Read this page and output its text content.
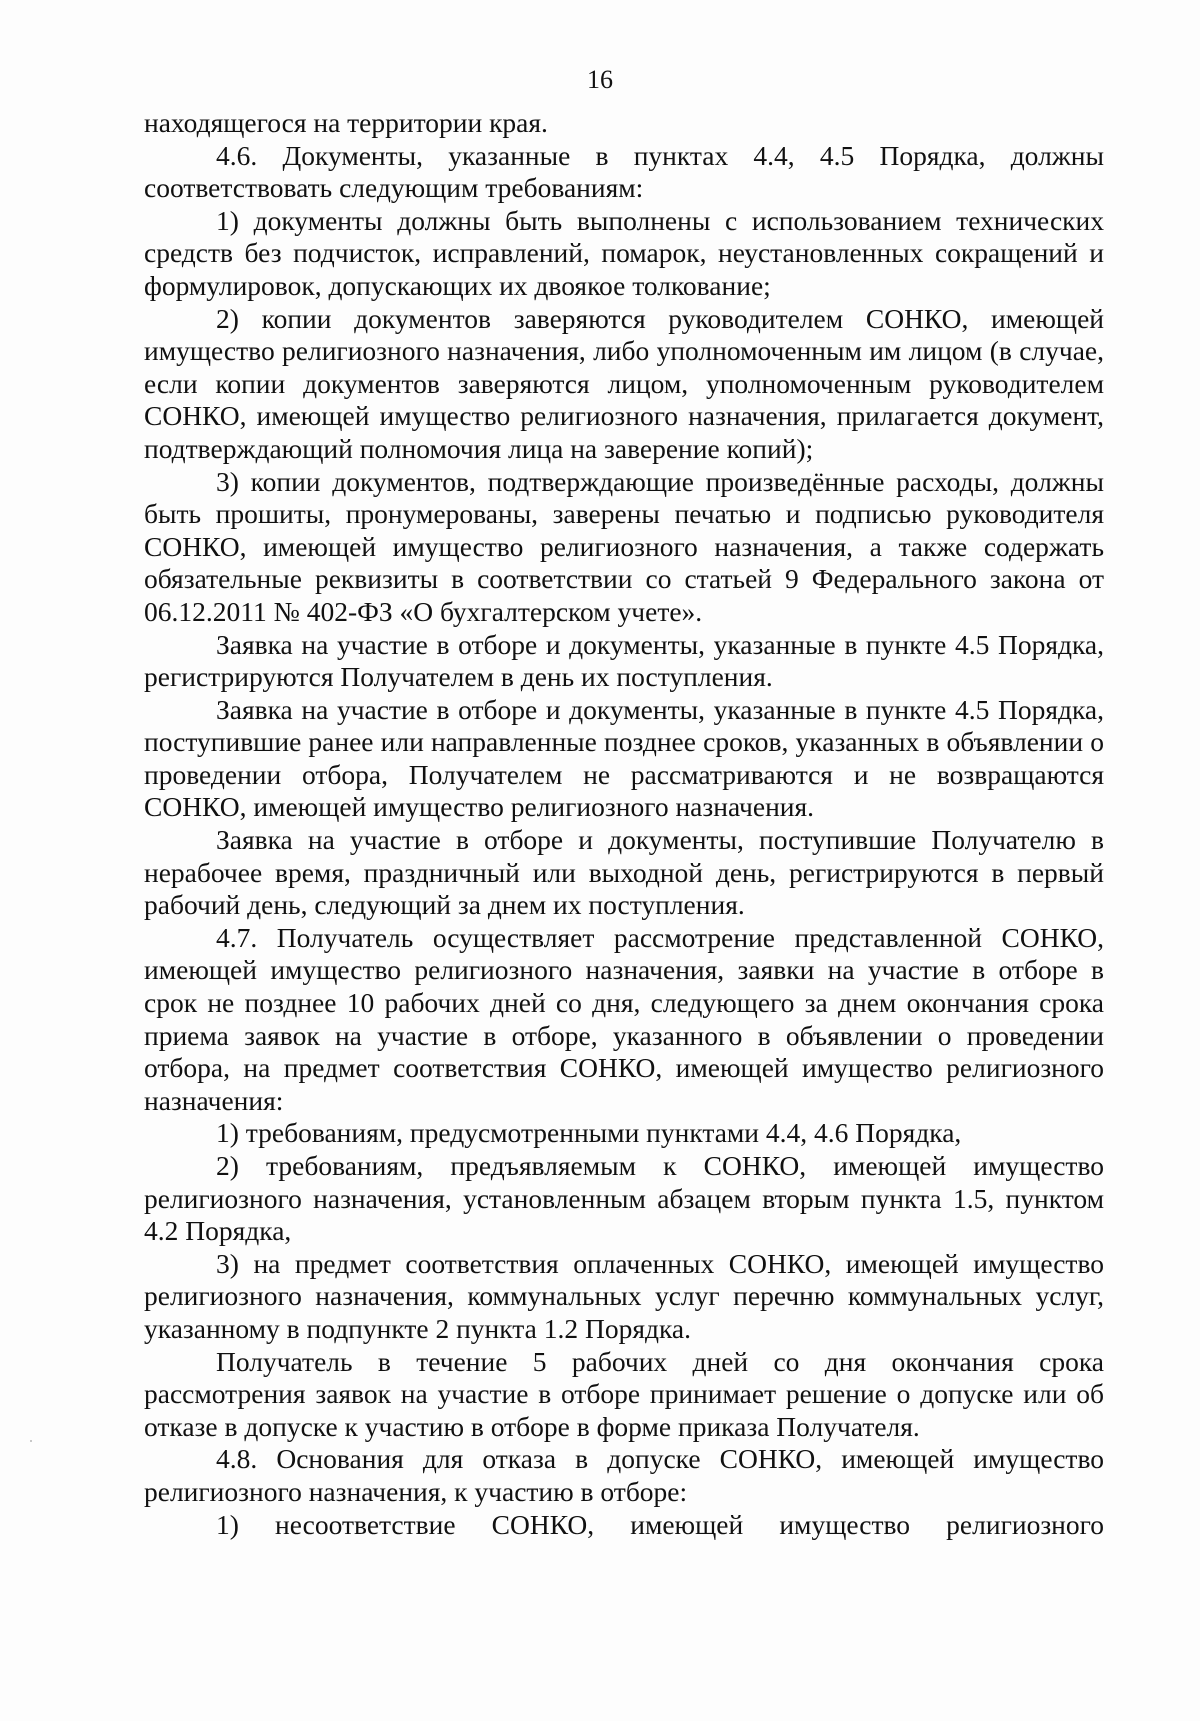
16

находящегося на территории края.

4.6. Документы, указанные в пунктах 4.4, 4.5 Порядка, должны соответствовать следующим требованиям:

1) документы должны быть выполнены с использованием технических средств без подчисток, исправлений, помарок, неустановленных сокращений и формулировок, допускающих их двоякое толкование;

2) копии документов заверяются руководителем СОНКО, имеющей имущество религиозного назначения, либо уполномоченным им лицом (в случае, если копии документов заверяются лицом, уполномоченным руководителем СОНКО, имеющей имущество религиозного назначения, прилагается документ, подтверждающий полномочия лица на заверение копий);

3) копии документов, подтверждающие произведённые расходы, должны быть прошиты, пронумерованы, заверены печатью и подписью руководителя СОНКО, имеющей имущество религиозного назначения, а также содержать обязательные реквизиты в соответствии со статьей 9 Федерального закона от 06.12.2011 № 402-ФЗ «О бухгалтерском учете».

Заявка на участие в отборе и документы, указанные в пункте 4.5 Порядка, регистрируются Получателем в день их поступления.

Заявка на участие в отборе и документы, указанные в пункте 4.5 Порядка, поступившие ранее или направленные позднее сроков, указанных в объявлении о проведении отбора, Получателем не рассматриваются и не возвращаются СОНКО, имеющей имущество религиозного назначения.

Заявка на участие в отборе и документы, поступившие Получателю в нерабочее время, праздничный или выходной день, регистрируются в первый рабочий день, следующий за днем их поступления.

4.7. Получатель осуществляет рассмотрение представленной СОНКО, имеющей имущество религиозного назначения, заявки на участие в отборе в срок не позднее 10 рабочих дней со дня, следующего за днем окончания срока приема заявок на участие в отборе, указанного в объявлении о проведении отбора, на предмет соответствия СОНКО, имеющей имущество религиозного назначения:

1) требованиям, предусмотренными пунктами 4.4, 4.6 Порядка,

2) требованиям, предъявляемым к СОНКО, имеющей имущество религиозного назначения, установленным абзацем вторым пункта 1.5, пунктом 4.2 Порядка,

3) на предмет соответствия оплаченных СОНКО, имеющей имущество религиозного назначения, коммунальных услуг перечню коммунальных услуг, указанному в подпункте 2 пункта 1.2 Порядка.

Получатель в течение 5 рабочих дней со дня окончания срока рассмотрения заявок на участие в отборе принимает решение о допуске или об отказе в допуске к участию в отборе в форме приказа Получателя.

4.8. Основания для отказа в допуске СОНКО, имеющей имущество религиозного назначения, к участию в отборе:

1) несоответствие СОНКО, имеющей имущество религиозного
